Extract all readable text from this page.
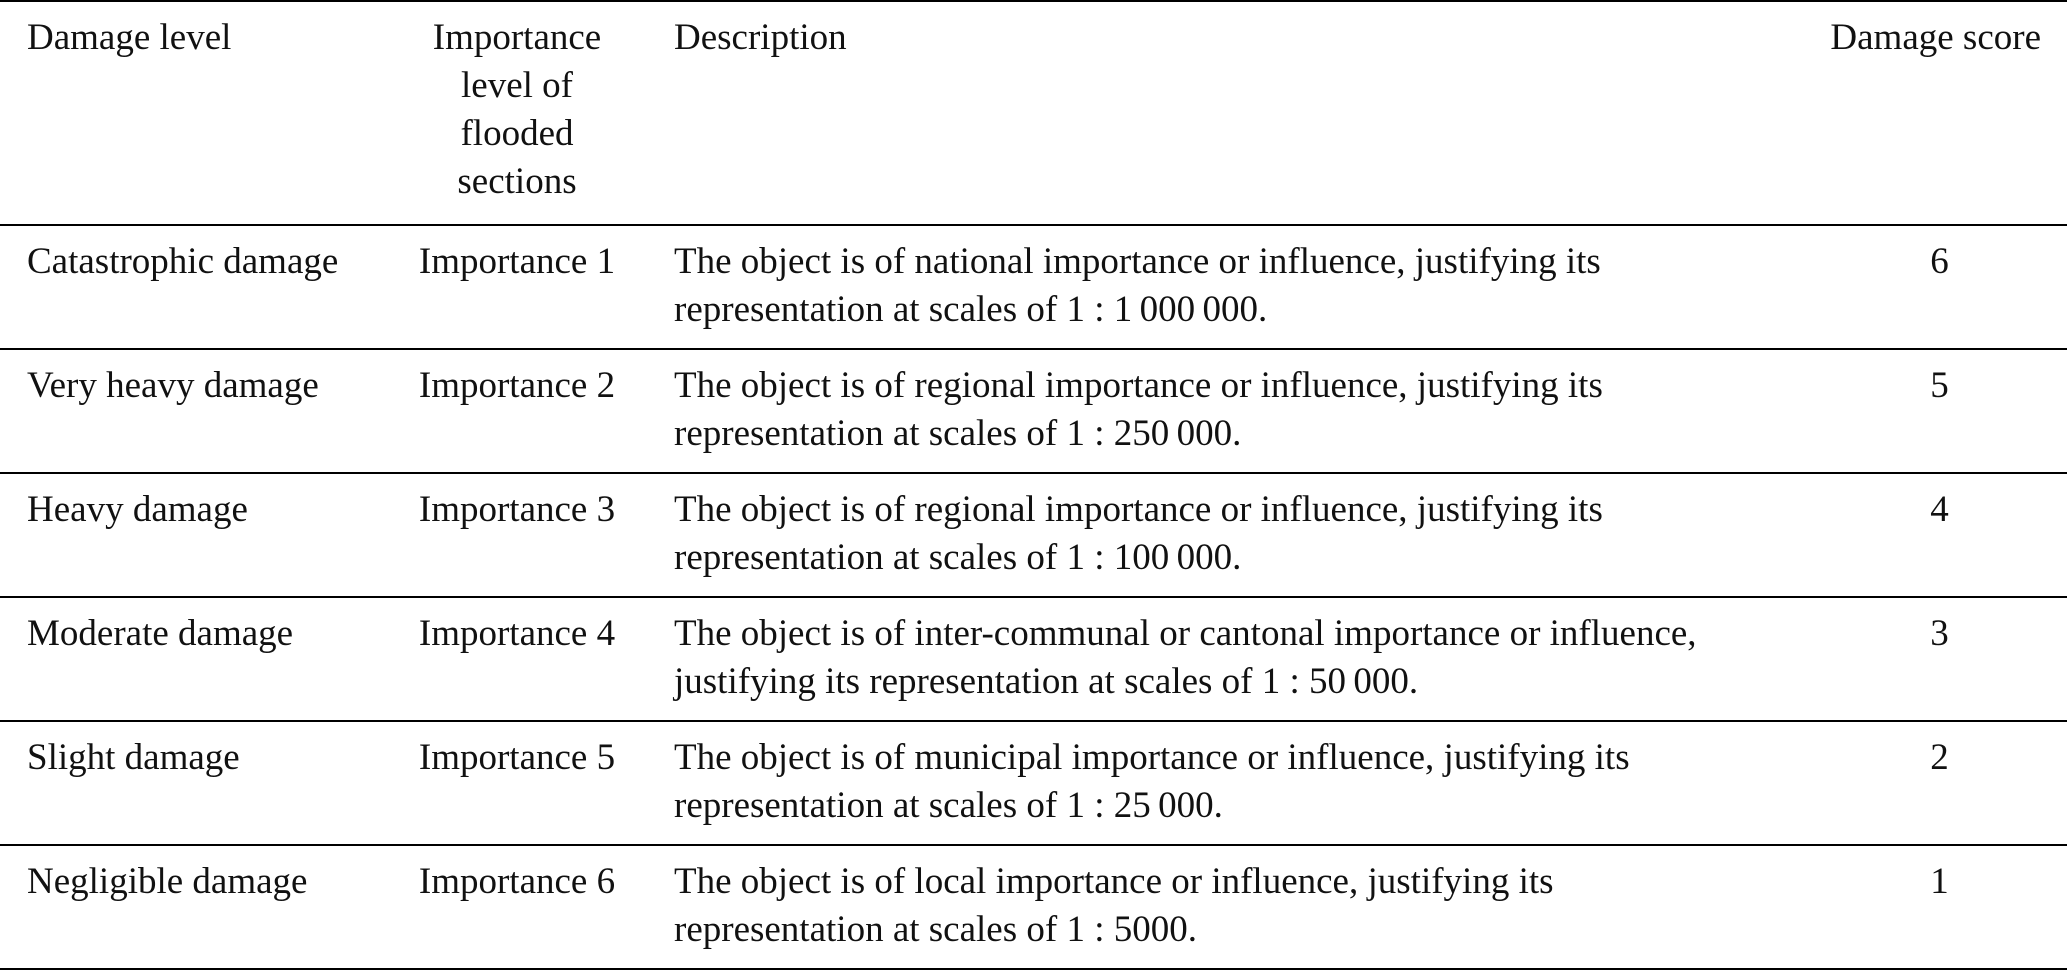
Damage level	Importance
level of
flooded
sections	Description	Damage score
Catastrophic damage	Importance 1	The object is of national importance or influence, justifying its
representation at scales of 1 : 1 000 000.	6
Very heavy damage	Importance 2	The object is of regional importance or influence, justifying its
representation at scales of 1 : 250 000.	5
Heavy damage	Importance 3	The object is of regional importance or influence, justifying its
representation at scales of 1 : 100 000.	4
Moderate damage	Importance 4	The object is of inter-communal or cantonal importance or influence,
justifying its representation at scales of 1 : 50 000.	3
Slight damage	Importance 5	The object is of municipal importance or influence, justifying its
representation at scales of 1 : 25 000.	2
Negligible damage	Importance 6	The object is of local importance or influence, justifying its
representation at scales of 1 : 5000.	1
